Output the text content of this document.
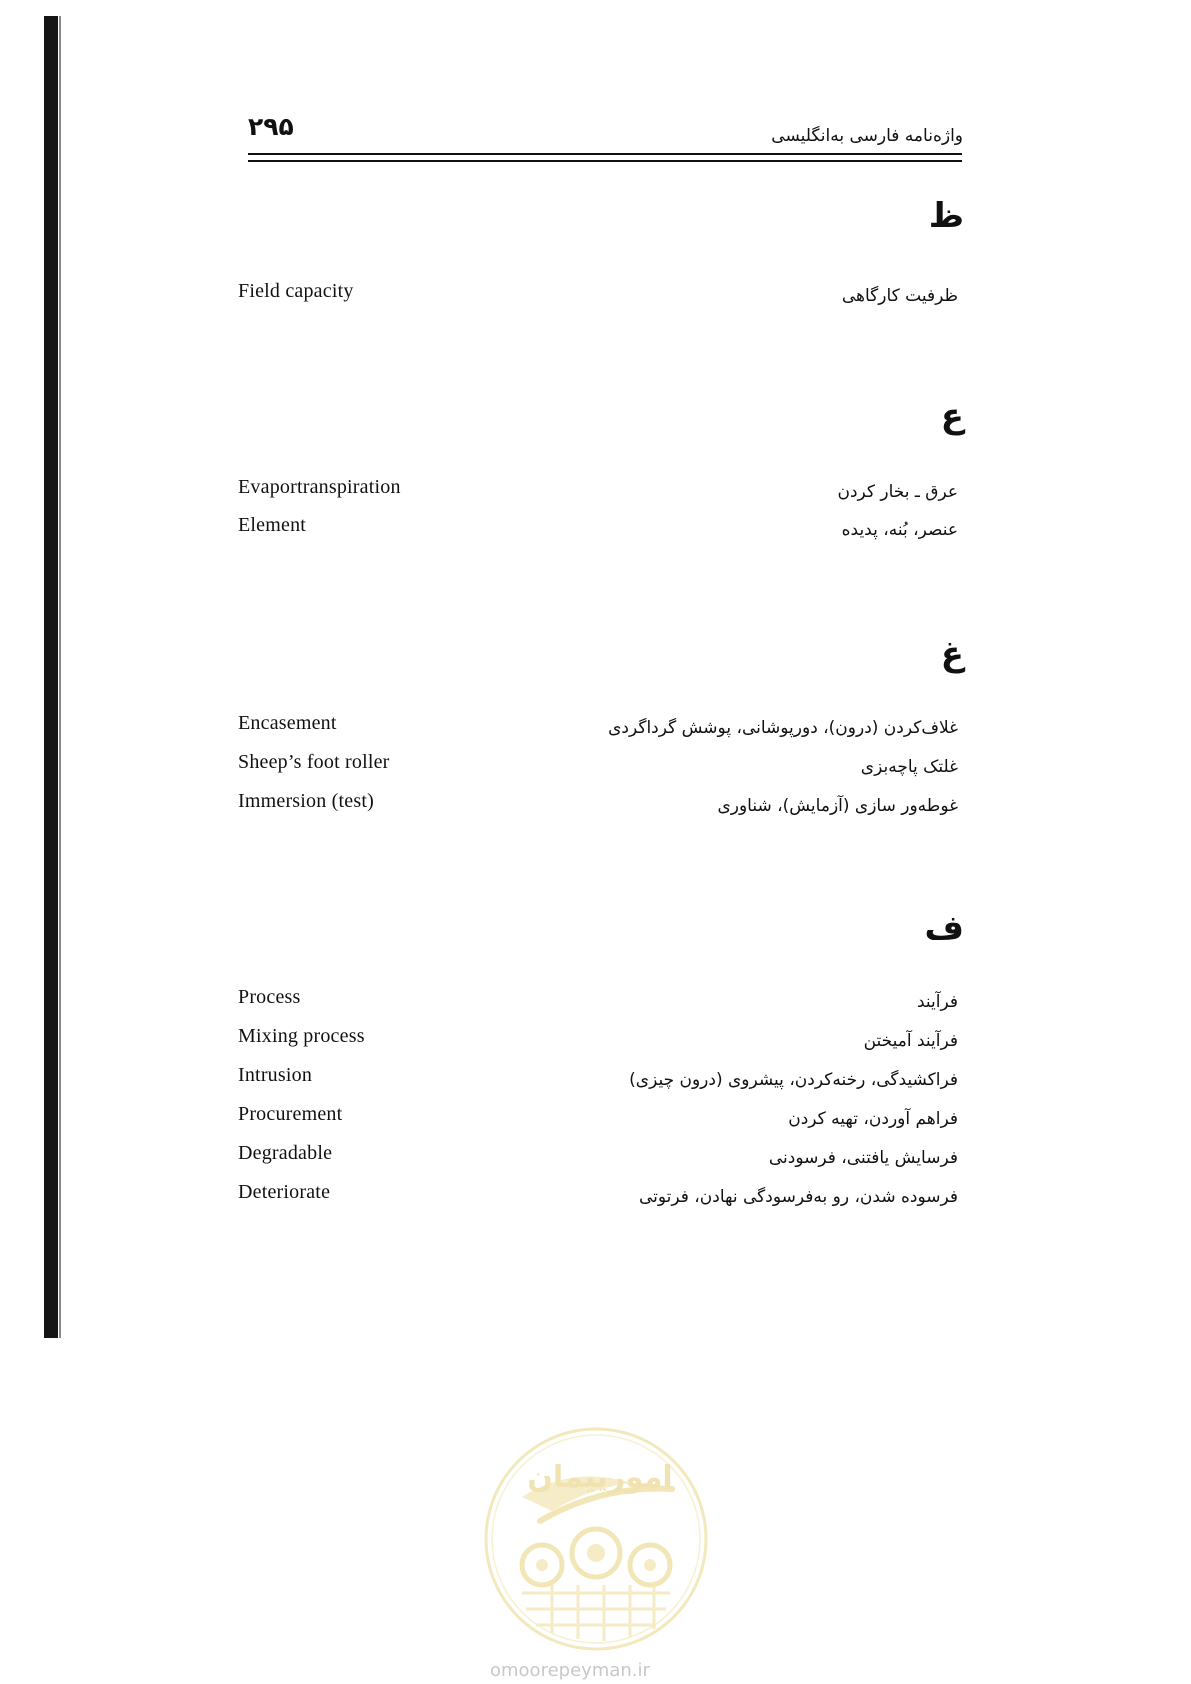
۲۹۵	واژه‌نامه فارسی به‌انگلیسی
ظ
Field capacity	ظرفیت کارگاهی
ع
Evaportranspiration	عرق ـ بخار کردن
Element	عنصر، بُنه، پدیده
غ
Encasement	غلاف‌کردن (درون)، دورپوشانی، پوشش گرداگردی
Sheep’s foot roller	غلتک پاچه‌بزی
Immersion (test)	غوطه‌ور سازی (آزمایش)، شناوری
ف
Process	فرآیند
Mixing process	فرآیند آمیختن
Intrusion	فراکشیدگی، رخنه‌کردن، پیشروی (درون چیزی)
Procurement	فراهم آوردن، تهیه کردن
Degradable	فرسایش یافتنی، فرسودنی
Deteriorate	فرسوده شدن، رو به‌فرسودگی نهادن، فرتوتی
امورپیمان
omoorepeyman.ir
